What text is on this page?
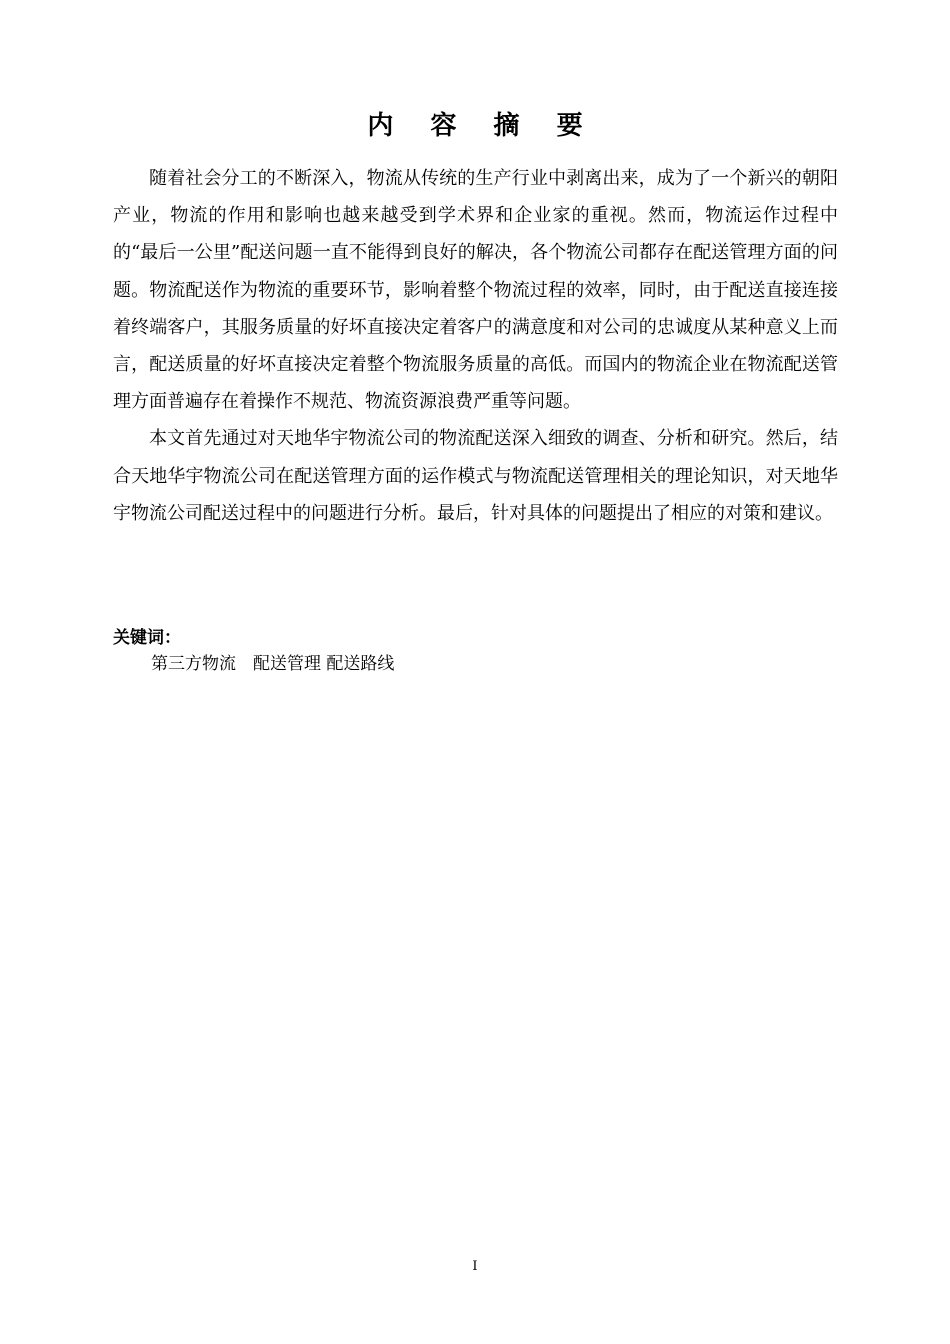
内 容 摘 要

随着社会分工的不断深入，物流从传统的生产行业中剥离出来，成为了一个新兴的朝阳产业，物流的作用和影响也越来越受到学术界和企业家的重视。然而，物流运作过程中的“最后一公里”配送问题一直不能得到良好的解决，各个物流公司都存在配送管理方面的问题。物流配送作为物流的重要环节，影响着整个物流过程的效率，同时，由于配送直接连接着终端客户，其服务质量的好坏直接决定着客户的满意度和对公司的忠诚度从某种意义上而言，配送质量的好坏直接决定着整个物流服务质量的高低。而国内的物流企业在物流配送管理方面普遍存在着操作不规范、物流资源浪费严重等问题。

本文首先通过对天地华宇物流公司的物流配送深入细致的调查、分析和研究。然后，结合天地华宇物流公司在配送管理方面的运作模式与物流配送管理相关的理论知识，对天地华宇物流公司配送过程中的问题进行分析。最后，针对具体的问题提出了相应的对策和建议。

关键词：
第三方物流　配送管理 配送路线
I
